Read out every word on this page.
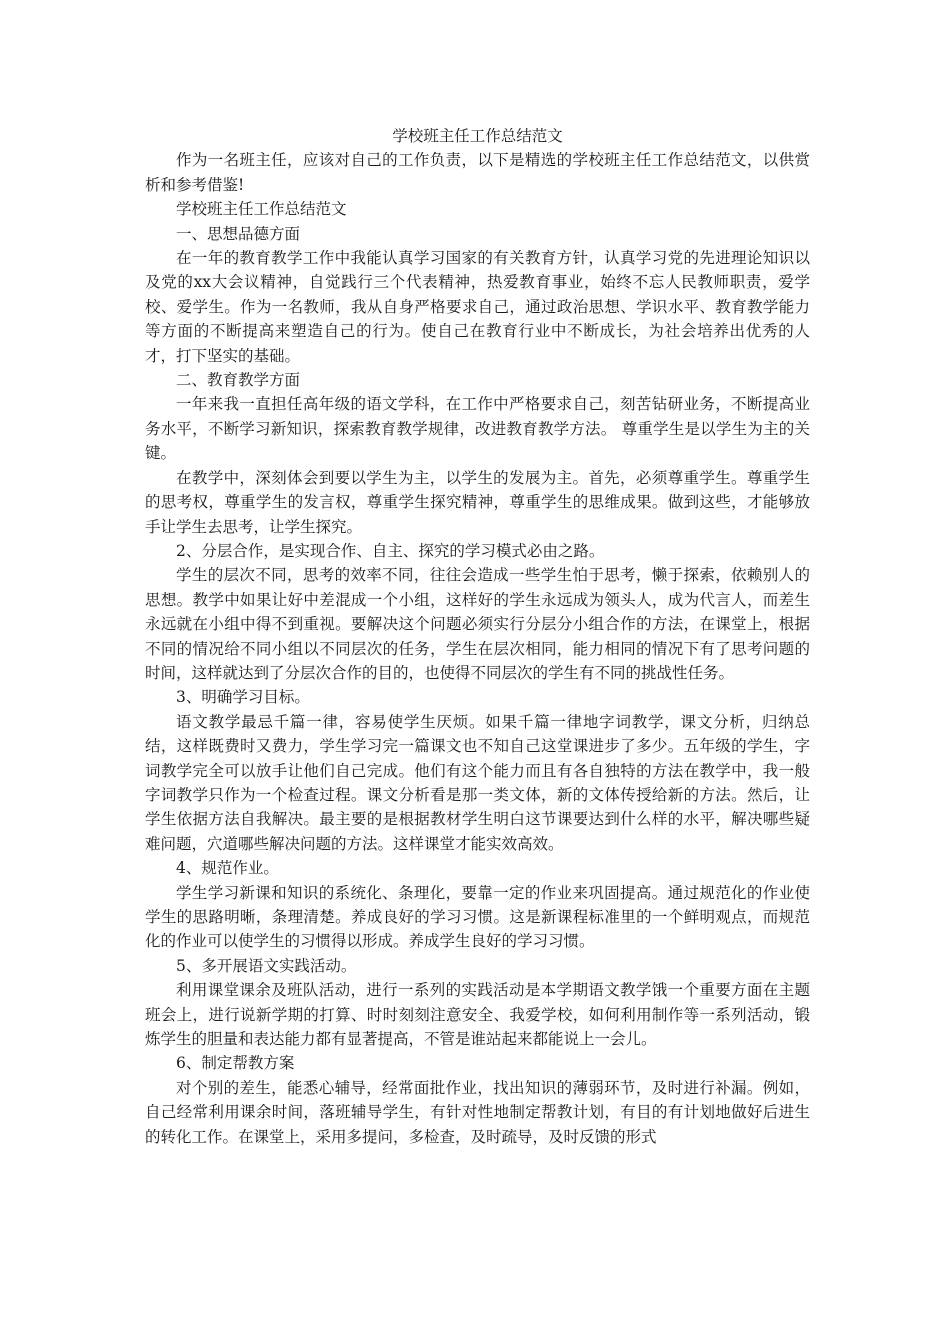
学校班主任工作总结范文

作为一名班主任，应该对自己的工作负责，以下是精选的学校班主任工作总结范文，以供赏析和参考借鉴!

学校班主任工作总结范文

一、思想品德方面

在一年的教育教学工作中我能认真学习国家的有关教育方针，认真学习党的先进理论知识以及党的xx大会议精神，自觉践行三个代表精神，热爱教育事业，始终不忘人民教师职责，爱学校、爱学生。作为一名教师，我从自身严格要求自己，通过政治思想、学识水平、教育教学能力等方面的不断提高来塑造自己的行为。使自己在教育行业中不断成长，为社会培养出优秀的人才，打下坚实的基础。

二、教育教学方面

一年来我一直担任高年级的语文学科，在工作中严格要求自己，刻苦钻研业务，不断提高业务水平，不断学习新知识，探索教育教学规律，改进教育教学方法。 尊重学生是以学生为主的关键。

在教学中，深刻体会到要以学生为主，以学生的发展为主。首先，必须尊重学生。尊重学生的思考权，尊重学生的发言权，尊重学生探究精神，尊重学生的思维成果。做到这些，才能够放手让学生去思考，让学生探究。

2、分层合作，是实现合作、自主、探究的学习模式必由之路。

学生的层次不同，思考的效率不同，往往会造成一些学生怕于思考，懒于探索，依赖别人的思想。教学中如果让好中差混成一个小组，这样好的学生永远成为领头人，成为代言人，而差生永远就在小组中得不到重视。要解决这个问题必须实行分层分小组合作的方法，在课堂上，根据不同的情况给不同小组以不同层次的任务，学生在层次相同，能力相同的情况下有了思考问题的时间，这样就达到了分层次合作的目的，也使得不同层次的学生有不同的挑战性任务。

3、明确学习目标。

语文教学最忌千篇一律，容易使学生厌烦。如果千篇一律地字词教学，课文分析，归纳总结，这样既费时又费力，学生学习完一篇课文也不知自己这堂课进步了多少。五年级的学生，字词教学完全可以放手让他们自己完成。他们有这个能力而且有各自独特的方法在教学中，我一般字词教学只作为一个检查过程。课文分析看是那一类文体，新的文体传授给新的方法。然后，让学生依据方法自我解决。最主要的是根据教材学生明白这节课要达到什么样的水平，解决哪些疑难问题，穴道哪些解决问题的方法。这样课堂才能实效高效。

4、规范作业。

学生学习新课和知识的系统化、条理化，要靠一定的作业来巩固提高。通过规范化的作业使学生的思路明晰，条理清楚。养成良好的学习习惯。这是新课程标准里的一个鲜明观点，而规范化的作业可以使学生的习惯得以形成。养成学生良好的学习习惯。

5、多开展语文实践活动。

利用课堂课余及班队活动，进行一系列的实践活动是本学期语文教学饿一个重要方面在主题班会上，进行说新学期的打算、时时刻刻注意安全、我爱学校，如何利用制作等一系列活动，锻炼学生的胆量和表达能力都有显著提高，不管是谁站起来都能说上一会儿。

6、制定帮教方案

对个别的差生，能悉心辅导，经常面批作业，找出知识的薄弱环节，及时进行补漏。例如，自己经常利用课余时间，落班辅导学生，有针对性地制定帮教计划，有目的有计划地做好后进生的转化工作。在课堂上，采用多提问，多检查，及时疏导，及时反馈的形式
